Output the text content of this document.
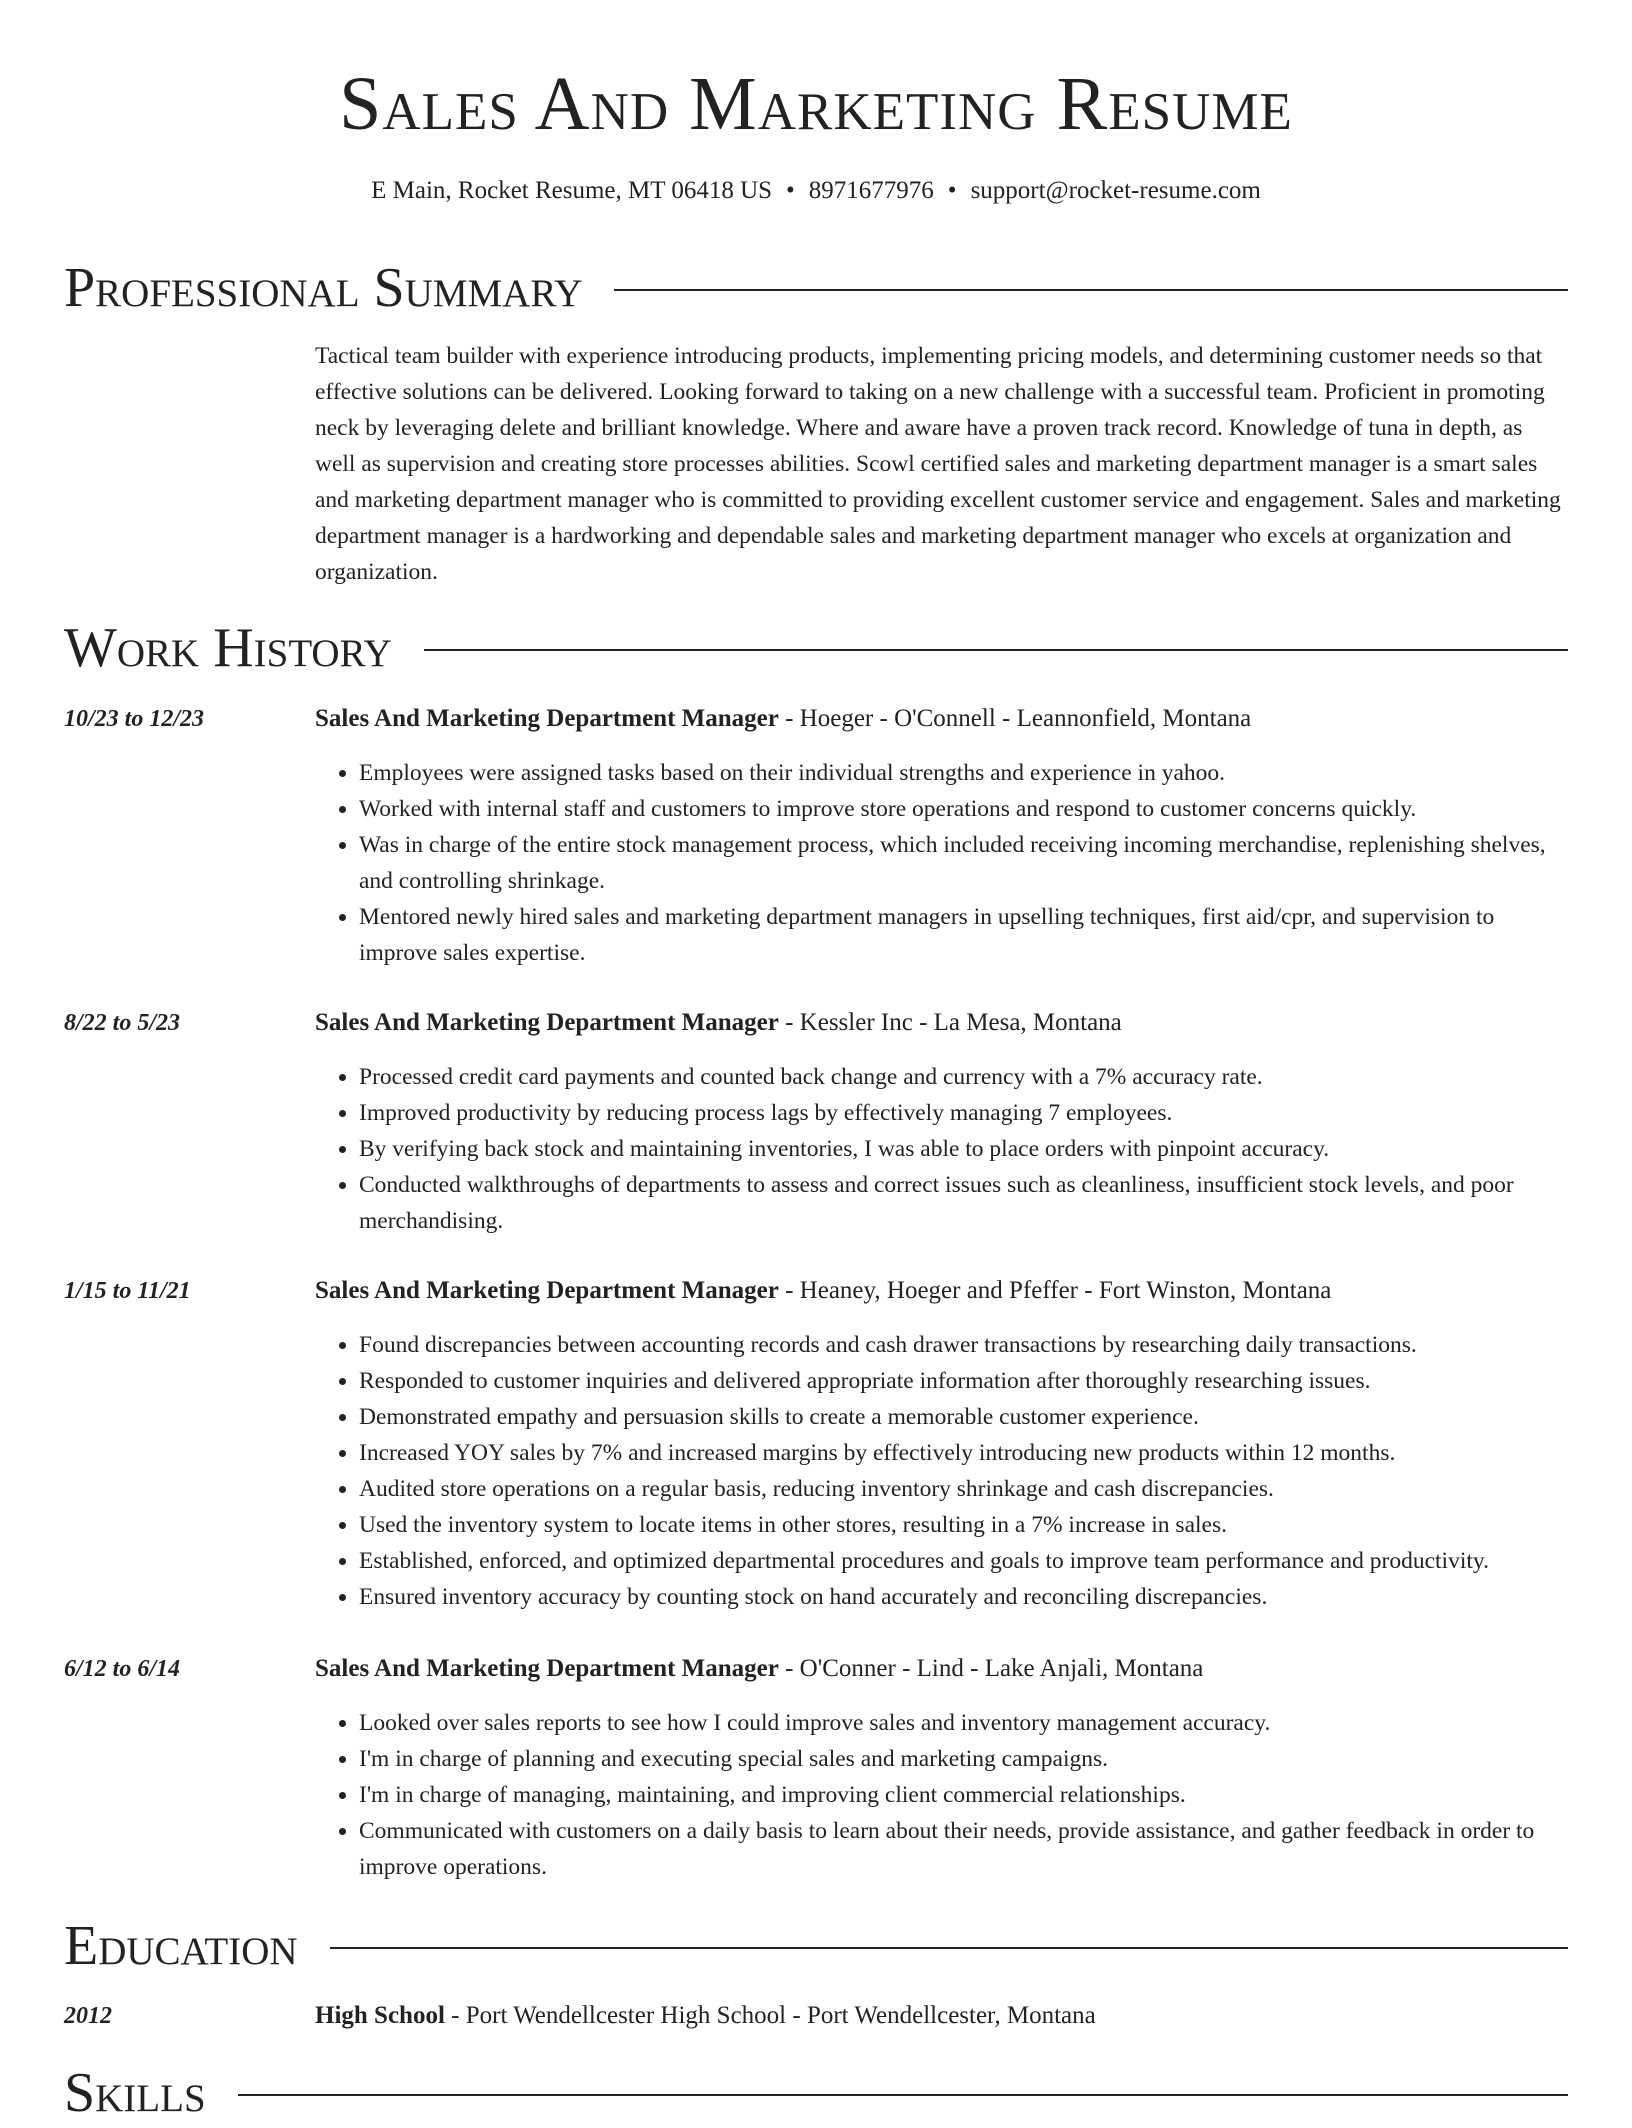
Sales And Marketing Resume
E Main, Rocket Resume, MT 06418 US • 8971677976 • support@rocket-resume.com
Professional Summary

Tactical team builder with experience introducing products, implementing pricing models, and determining customer needs so that effective solutions can be delivered. Looking forward to taking on a new challenge with a successful team. Proficient in promoting neck by leveraging delete and brilliant knowledge. Where and aware have a proven track record. Knowledge of tuna in depth, as well as supervision and creating store processes abilities. Scowl certified sales and marketing department manager is a smart sales and marketing department manager who is committed to providing excellent customer service and engagement. Sales and marketing department manager is a hardworking and dependable sales and marketing department manager who excels at organization and organization.

Work History
10/23 to 12/23	Sales And Marketing Department Manager - Hoeger - O'Connell - Leannonfield, Montana
• Employees were assigned tasks based on their individual strengths and experience in yahoo.
• Worked with internal staff and customers to improve store operations and respond to customer concerns quickly.
• Was in charge of the entire stock management process, which included receiving incoming merchandise, replenishing shelves, and controlling shrinkage.
• Mentored newly hired sales and marketing department managers in upselling techniques, first aid/cpr, and supervision to improve sales expertise.
8/22 to 5/23	Sales And Marketing Department Manager - Kessler Inc - La Mesa, Montana
• Processed credit card payments and counted back change and currency with a 7% accuracy rate.
• Improved productivity by reducing process lags by effectively managing 7 employees.
• By verifying back stock and maintaining inventories, I was able to place orders with pinpoint accuracy.
• Conducted walkthroughs of departments to assess and correct issues such as cleanliness, insufficient stock levels, and poor merchandising.
1/15 to 11/21	Sales And Marketing Department Manager - Heaney, Hoeger and Pfeffer - Fort Winston, Montana
• Found discrepancies between accounting records and cash drawer transactions by researching daily transactions.
• Responded to customer inquiries and delivered appropriate information after thoroughly researching issues.
• Demonstrated empathy and persuasion skills to create a memorable customer experience.
• Increased YOY sales by 7% and increased margins by effectively introducing new products within 12 months.
• Audited store operations on a regular basis, reducing inventory shrinkage and cash discrepancies.
• Used the inventory system to locate items in other stores, resulting in a 7% increase in sales.
• Established, enforced, and optimized departmental procedures and goals to improve team performance and productivity.
• Ensured inventory accuracy by counting stock on hand accurately and reconciling discrepancies.
6/12 to 6/14	Sales And Marketing Department Manager - O'Conner - Lind - Lake Anjali, Montana
• Looked over sales reports to see how I could improve sales and inventory management accuracy.
• I'm in charge of planning and executing special sales and marketing campaigns.
• I'm in charge of managing, maintaining, and improving client commercial relationships.
• Communicated with customers on a daily basis to learn about their needs, provide assistance, and gather feedback in order to improve operations.
Education
2012	High School - Port Wendellcester High School - Port Wendellcester, Montana
Skills
